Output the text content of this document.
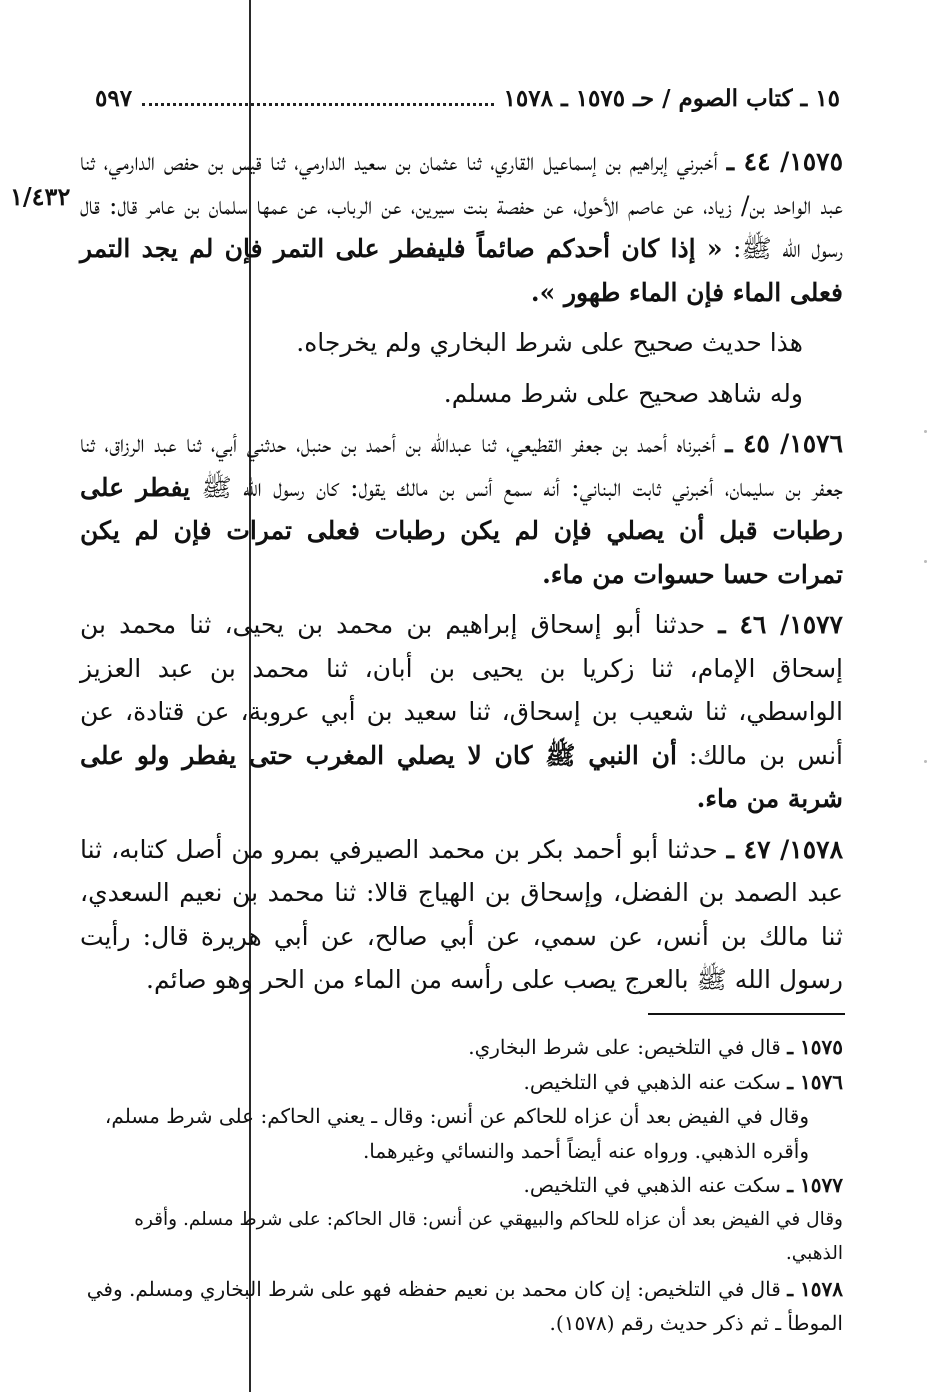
١٥ ـ كتاب الصوم / حـ ١٥٧٥ ـ ١٥٧٨
٥٩٧
١/٤٣٢

١٥٧٥/ ٤٤ ـ أخبرني إبراهيم بن إسماعيل القاري، ثنا عثمان بن سعيد الدارمي، ثنا قيس بن حفص الدارمي، ثنا عبد الواحد بن/ زياد، عن عاصم الأحول، عن حفصة بنت سيرين، عن الرباب، عن عمها سلمان بن عامر قال: قال رسول الله ﷺ: « إذا كان أحدكم صائماً فليفطر على التمر فإن لم يجد التمر فعلى الماء فإن الماء طهور ».

هذا حديث صحيح على شرط البخاري ولم يخرجاه.

وله شاهد صحيح على شرط مسلم.

١٥٧٦/ ٤٥ ـ أخبرناه أحمد بن جعفر القطيعي، ثنا عبدالله بن أحمد بن حنبل، حدثني أبي، ثنا عبد الرزاق، ثنا جعفر بن سليمان، أخبرني ثابت البناني: أنه سمع أنس بن مالك يقول: كان رسول الله ﷺ يفطر على رطبات قبل أن يصلي فإن لم يكن رطبات فعلى تمرات فإن لم يكن تمرات حسا حسوات من ماء.

١٥٧٧/ ٤٦ ـ حدثنا أبو إسحاق إبراهيم بن محمد بن يحيى، ثنا محمد بن إسحاق الإمام، ثنا زكريا بن يحيى بن أبان، ثنا محمد بن عبد العزيز الواسطي، ثنا شعيب بن إسحاق، ثنا سعيد بن أبي عروبة، عن قتادة، عن أنس بن مالك: أن النبي ﷺ كان لا يصلي المغرب حتى يفطر ولو على شربة من ماء.

١٥٧٨/ ٤٧ ـ حدثنا أبو أحمد بكر بن محمد الصيرفي بمرو من أصل كتابه، ثنا عبد الصمد بن الفضل، وإسحاق بن الهياج قالا: ثنا محمد بن نعيم السعدي، ثنا مالك بن أنس، عن سمي، عن أبي صالح، عن أبي هريرة قال: رأيت رسول الله ﷺ بالعرج يصب على رأسه من الماء من الحر وهو صائم.

١٥٧٥ ـ قال في التلخيص: على شرط البخاري.

١٥٧٦ ـ سكت عنه الذهبي في التلخيص.

وقال في الفيض بعد أن عزاه للحاكم عن أنس: وقال ـ يعني الحاكم: على شرط مسلم، وأقره الذهبي. ورواه عنه أيضاً أحمد والنسائي وغيرهما.

١٥٧٧ ـ سكت عنه الذهبي في التلخيص.

وقال في الفيض بعد أن عزاه للحاكم والبيهقي عن أنس: قال الحاكم: على شرط مسلم. وأقره الذهبي.

١٥٧٨ ـ قال في التلخيص: إن كان محمد بن نعيم حفظه فهو على شرط البخاري ومسلم. وفي الموطأ ـ ثم ذكر حديث رقم (١٥٧٨).
